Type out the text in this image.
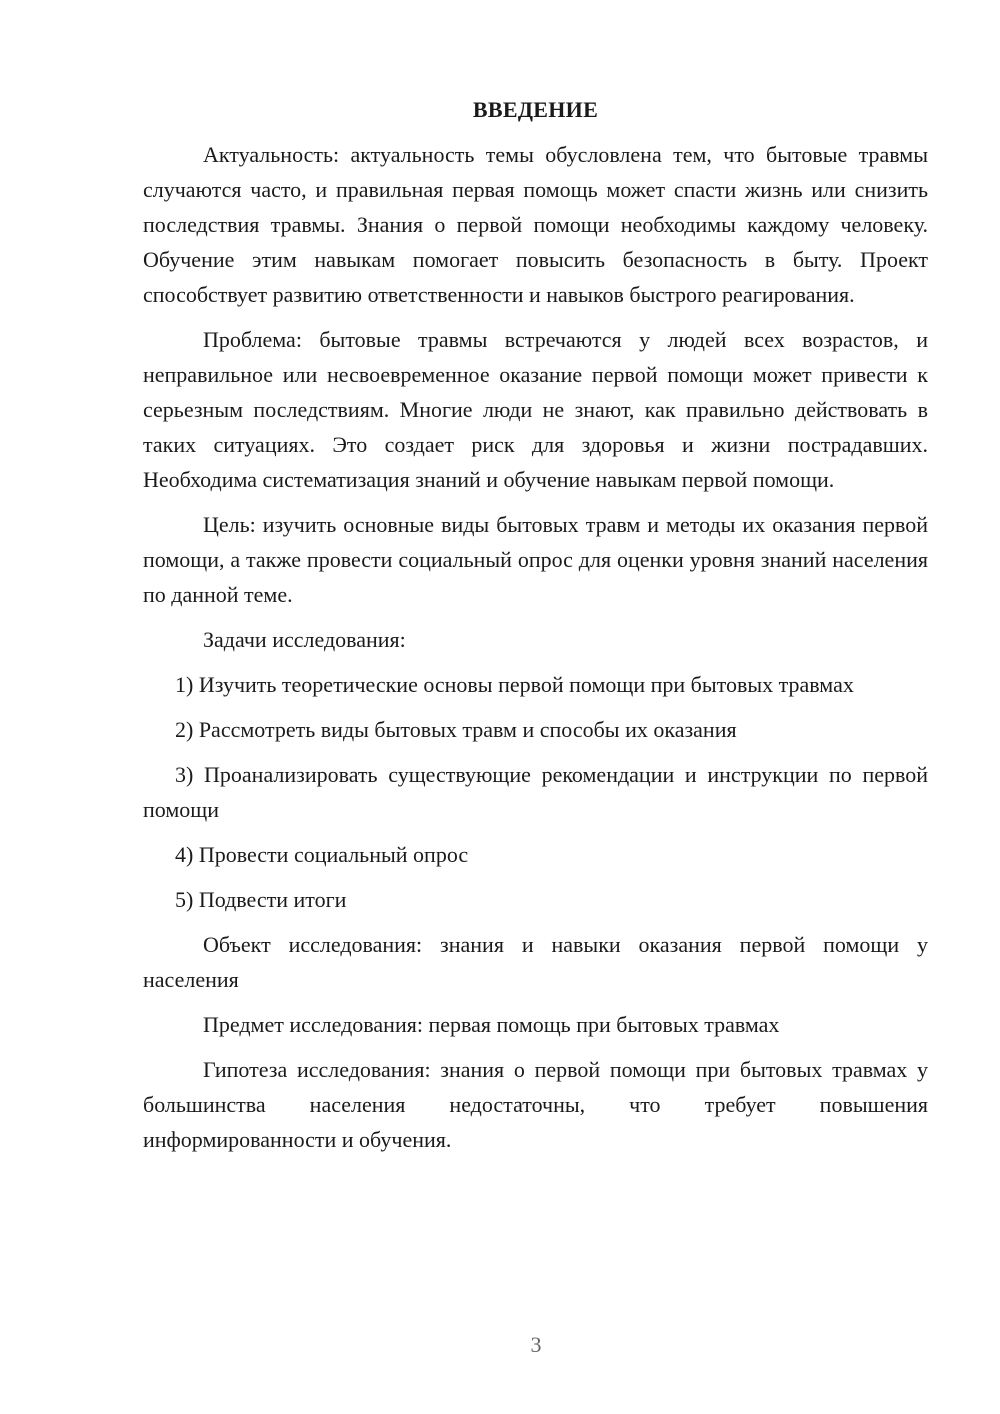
ВВЕДЕНИЕ

Актуальность: актуальность темы обусловлена тем, что бытовые травмы случаются часто, и правильная первая помощь может спасти жизнь или снизить последствия травмы. Знания о первой помощи необходимы каждому человеку. Обучение этим навыкам помогает повысить безопасность в быту. Проект способствует развитию ответственности и навыков быстрого реагирования.

Проблема: бытовые травмы встречаются у людей всех возрастов, и неправильное или несвоевременное оказание первой помощи может привести к серьезным последствиям. Многие люди не знают, как правильно действовать в таких ситуациях. Это создает риск для здоровья и жизни пострадавших. Необходима систематизация знаний и обучение навыкам первой помощи.

Цель: изучить основные виды бытовых травм и методы их оказания первой помощи, а также провести социальный опрос для оценки уровня знаний населения по данной теме.

Задачи исследования:

1) Изучить теоретические основы первой помощи при бытовых травмах

2) Рассмотреть виды бытовых травм и способы их оказания

3) Проанализировать существующие рекомендации и инструкции по первой помощи

4) Провести социальный опрос

5) Подвести итоги

Объект исследования: знания и навыки оказания первой помощи у населения

Предмет исследования: первая помощь при бытовых травмах

Гипотеза исследования: знания о первой помощи при бытовых травмах у большинства населения недостаточны, что требует повышения информированности и обучения.

3
